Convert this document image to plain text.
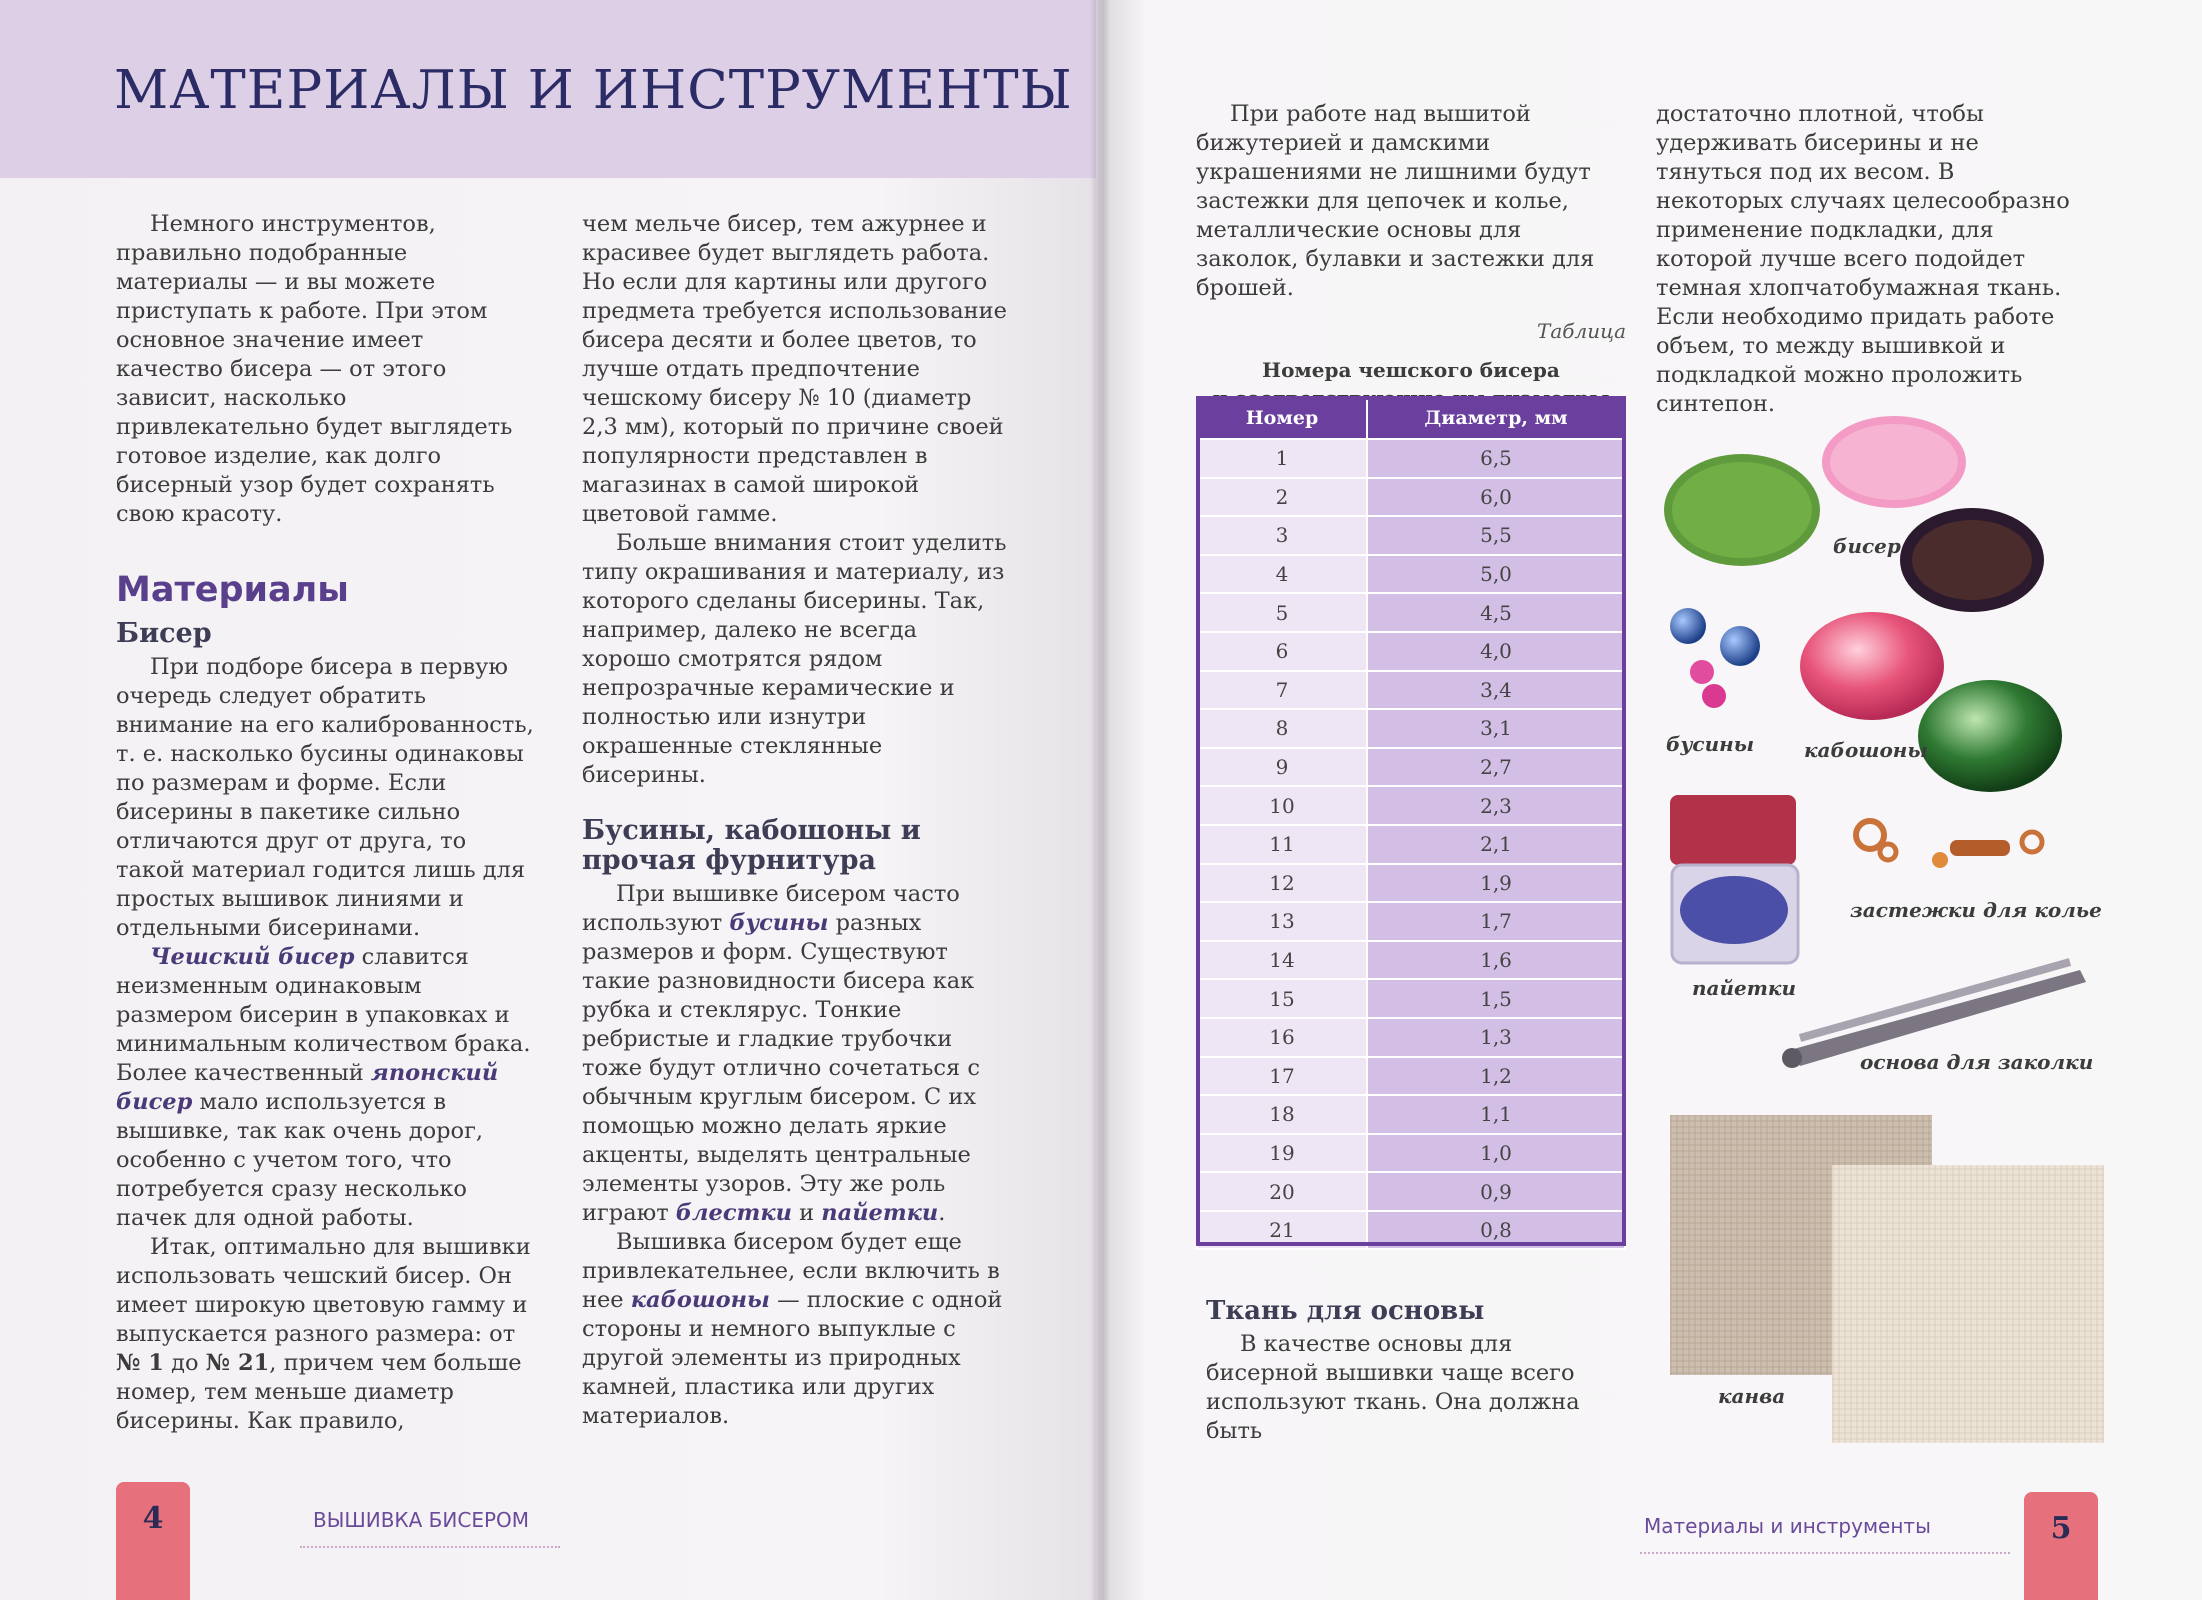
МАТЕРИАЛЫ И ИНСТРУМЕНТЫ

Немного инструментов, правильно подобранные материалы — и вы можете приступать к работе. При этом основное значение имеет качество бисера — от этого зависит, насколько привлекательно будет выглядеть готовое изделие, как долго бисерный узор будет сохранять свою красоту.

Материалы
Бисер

При подборе бисера в первую очередь следует обратить внимание на его калиброванность, т. е. насколько бусины одинаковы по размерам и форме. Если бисерины в пакетике сильно отличаются друг от друга, то такой материал годится лишь для простых вышивок линиями и отдельными бисеринами.

Чешский бисер славится неизменным одинаковым размером бисерин в упаковках и минимальным количеством брака. Более качественный японский бисер мало используется в вышивке, так как очень дорог, особенно с учетом того, что потребуется сразу несколько пачек для одной работы.

Итак, оптимально для вышивки использовать чешский бисер. Он имеет широкую цветовую гамму и выпускается разного размера: от № 1 до № 21, причем чем больше номер, тем меньше диаметр бисерины. Как правило,

чем мельче бисер, тем ажурнее и красивее будет выглядеть работа. Но если для картины или другого предмета требуется использование бисера десяти и более цветов, то лучше отдать предпочтение чешскому бисеру № 10 (диаметр 2,3 мм), который по причине своей популярности представлен в магазинах в самой широкой цветовой гамме.

Больше внимания стоит уделить типу окрашивания и материалу, из которого сделаны бисерины. Так, например, далеко не всегда хорошо смотрятся рядом непрозрачные керамические и полностью или изнутри окрашенные стеклянные бисерины.

Бусины, кабошоны и прочая фурнитура

При вышивке бисером часто используют бусины разных размеров и форм. Существуют такие разновидности бисера как рубка и стеклярус. Тонкие ребристые и гладкие трубочки тоже будут отлично сочетаться с обычным круглым бисером. С их помощью можно делать яркие акценты, выделять центральные элементы узоров. Эту же роль играют блестки и пайетки.

Вышивка бисером будет еще привлекательнее, если включить в нее кабошоны — плоские с одной стороны и немного выпуклые с другой элементы из природных камней, пластика или других материалов.

4	ВЫШИВКА БИСЕРОМ

При работе над вышитой бижутерией и дамскими украшениями не лишними будут застежки для цепочек и колье, металлические основы для заколок, булавки и застежки для брошей.

Таблица
Номера чешского бисера
Номер	Диаметр, мм
1	6,5
2	6,0
3	5,5
4	5,0
5	4,5
6	4,0
7	3,4
8	3,1
9	2,7
10	2,3
11	2,1
12	1,9
13	1,7
14	1,6
15	1,5
16	1,3
17	1,2
18	1,1
19	1,0
20	0,9
21	0,8
Ткань для основы

В качестве основы для бисерной вышивки чаще всего используют ткань. Она должна быть

достаточно плотной, чтобы удерживать бисерины и не тянуться под их весом. В некоторых случаях целесообразно применение подкладки, для которой лучше всего подойдет темная хлопчатобумажная ткань. Если необходимо придать работе объем, то между вышивкой и подкладкой можно проложить синтепон.

бисер
бусины кабошоны
застежки для колье
пайетки
основа для заколки
канва
Материалы и инструменты	5
